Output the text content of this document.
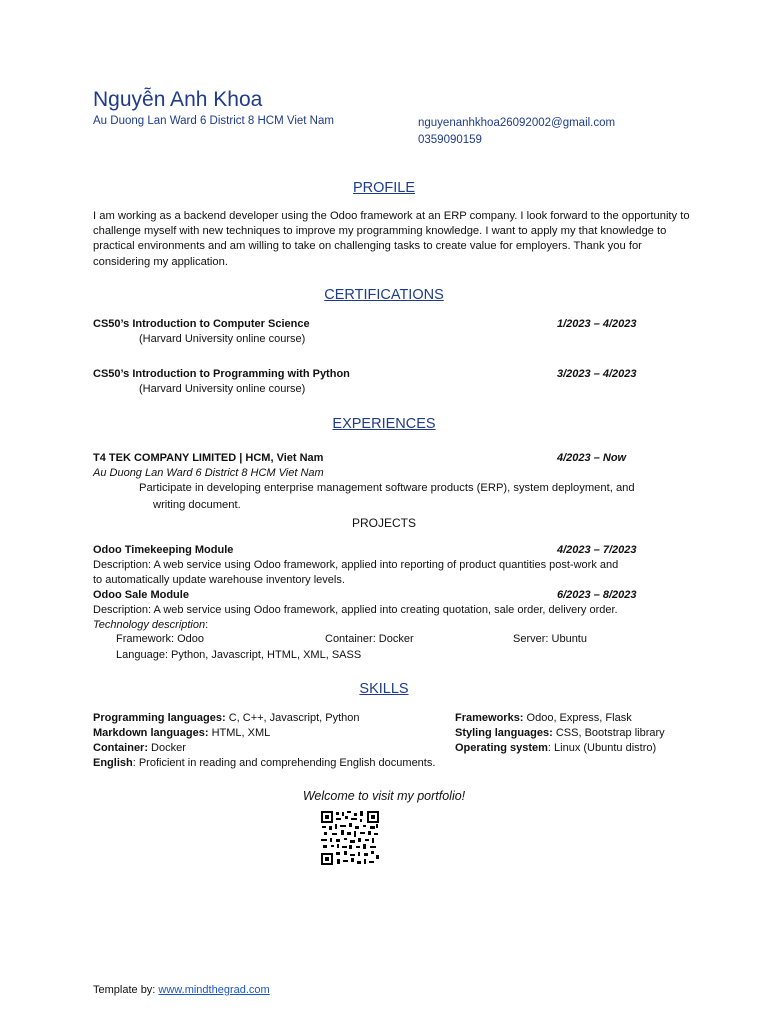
Nguyễn Anh Khoa
Au Duong Lan Ward 6 District 8 HCM Viet Nam	nguyenanhkhoa26092002@gmail.com
0359090159
PROFILE
I am working as a backend developer using the Odoo framework at an ERP company. I look forward to the opportunity to challenge myself with new techniques to improve my programming knowledge. I want to apply my that knowledge to practical environments and am willing to take on challenging tasks to create value for employers. Thank you for considering my application.
CERTIFICATIONS
CS50’s Introduction to Computer Science	1/2023 – 4/2023
(Harvard University online course)
CS50’s Introduction to Programming with Python	3/2023 – 4/2023
(Harvard University online course)
EXPERIENCES
T4 TEK COMPANY LIMITED | HCM, Viet Nam	4/2023 – Now
Au Duong Lan Ward 6 District 8 HCM Viet Nam
Participate in developing enterprise management software products (ERP), system deployment, and
writing document.
PROJECTS
Odoo Timekeeping Module	4/2023 – 7/2023
Description: A web service using Odoo framework, applied into reporting of product quantities post-work and
to automatically update warehouse inventory levels.
Odoo Sale Module	6/2023 – 8/2023
Description: A web service using Odoo framework, applied into creating quotation, sale order, delivery order.
Technology description:
Framework: Odoo	Container: Docker	Server: Ubuntu
Language: Python, Javascript, HTML, XML, SASS
SKILLS
Programming languages: C, C++, Javascript, Python	Frameworks: Odoo, Express, Flask
Markdown languages: HTML, XML	Styling languages: CSS, Bootstrap library
Container: Docker	Operating system: Linux (Ubuntu distro)
English: Proficient in reading and comprehending English documents.
Welcome to visit my portfolio!
Template by: www.mindthegrad.com
